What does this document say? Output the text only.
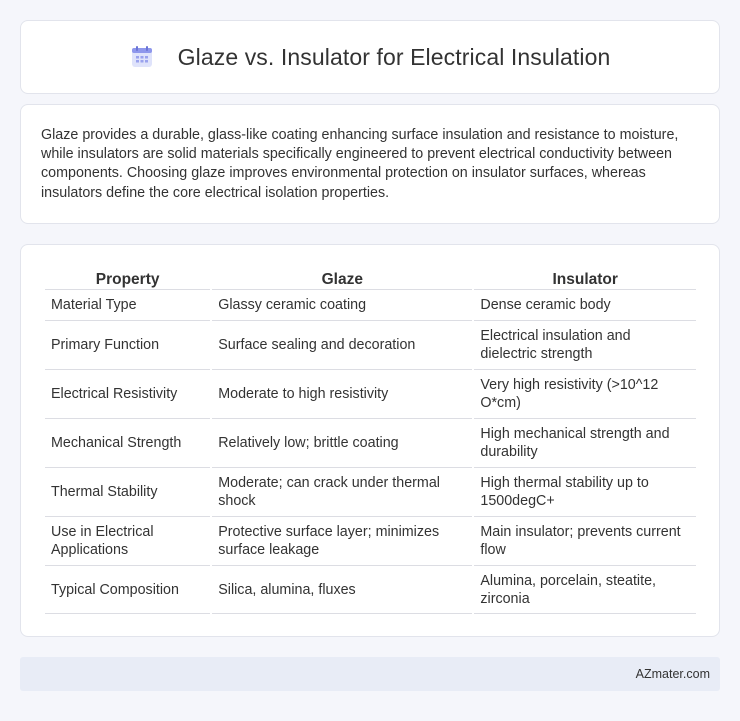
Glaze vs. Insulator for Electrical Insulation

Glaze provides a durable, glass-like coating enhancing surface insulation and resistance to moisture, while insulators are solid materials specifically engineered to prevent electrical conductivity between components. Choosing glaze improves environmental protection on insulator surfaces, whereas insulators define the core electrical isolation properties.

Property	Glaze	Insulator
Material Type	Glassy ceramic coating	Dense ceramic body
Primary Function	Surface sealing and decoration	Electrical insulation and dielectric strength
Electrical Resistivity	Moderate to high resistivity	Very high resistivity (>10^12 O*cm)
Mechanical Strength	Relatively low; brittle coating	High mechanical strength and durability
Thermal Stability	Moderate; can crack under thermal shock	High thermal stability up to 1500degC+
Use in Electrical Applications	Protective surface layer; minimizes surface leakage	Main insulator; prevents current flow
Typical Composition	Silica, alumina, fluxes	Alumina, porcelain, steatite, zirconia
AZmater.com
